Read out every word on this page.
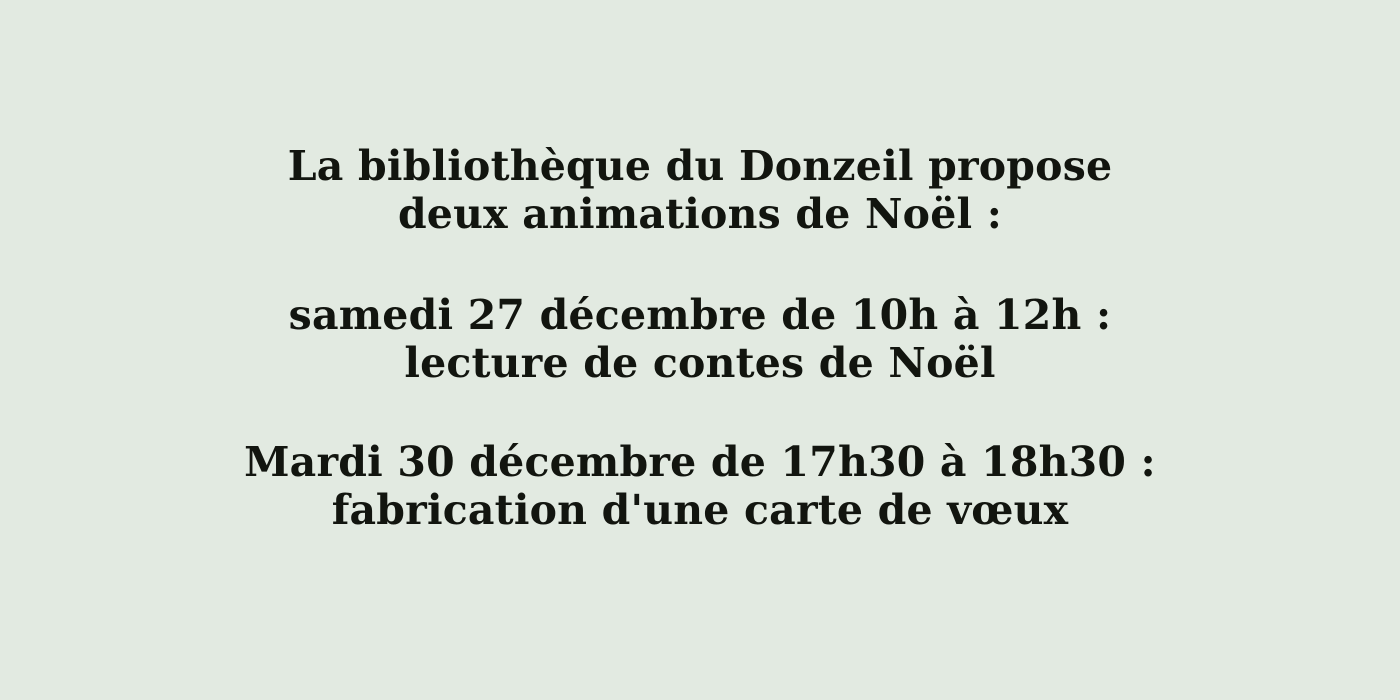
La bibliothèque du Donzeil propose
deux animations de Noël :
samedi 27 décembre de 10h à 12h :
lecture de contes de Noël
Mardi 30 décembre de 17h30 à 18h30 :
fabrication d'une carte de vœux
